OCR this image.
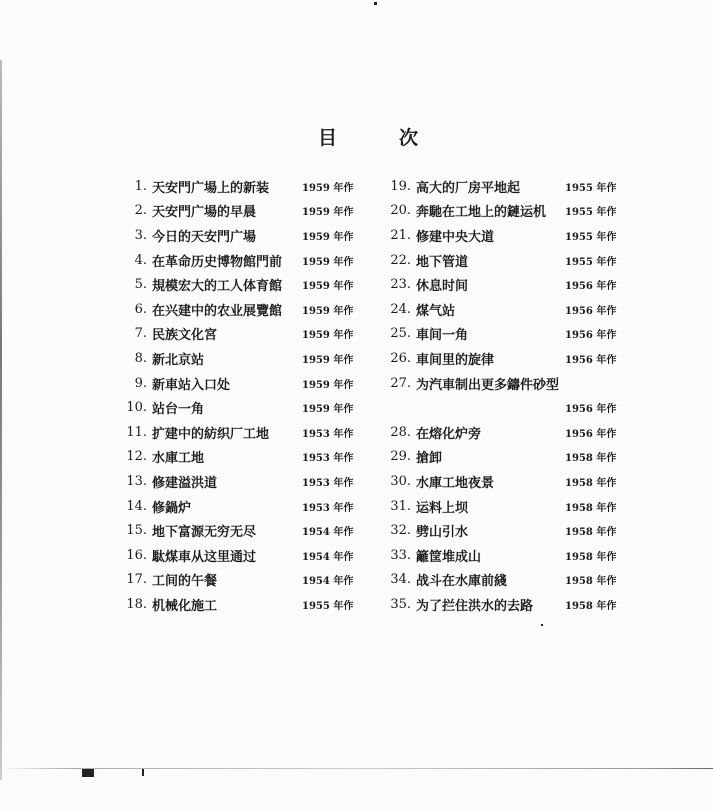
目	次
1. 天安門广場上的新装	1959 年作
2. 天安門广場的早晨	1959 年作
3. 今日的天安門广場	1959 年作
4. 在革命历史博物館門前 1959 年作
5. 規模宏大的工人体育館 1959 年作
6. 在兴建中的农业展覽館 1959 年作
7. 民族文化宮	1959 年作
8. 新北京站	1959 年作
9. 新車站入口处	1959 年作
10. 站台一角	1959 年作
11. 扩建中的紡织厂工地	1953 年作
12. 水庫工地	1953 年作
13. 修建溢洪道	1953 年作
14. 修鍋炉	1953 年作
15. 地下富源无穷无尽	1954 年作
16. 駄煤車从这里通过	1954 年作
17. 工间的午餐	1954 年作
18. 机械化施工	1955 年作
19. 高大的厂房平地起	1955 年作
20. 奔馳在工地上的鏈运机 1955 年作
21. 修建中央大道	1955 年作
22. 地下管道	1955 年作
23. 休息时间	1956 年作
24. 煤气站	1956 年作
25. 車间一角	1956 年作
26. 車间里的旋律	1956 年作
27. 为汽車制出更多鑄件砂型
1956 年作
28. 在熔化炉旁	1956 年作
29. 搶卸	1958 年作
30. 水庫工地夜景	1958 年作
31. 运料上坝	1958 年作
32. 劈山引水	1958 年作
33. 籬筐堆成山	1958 年作
34. 战斗在水庫前綫	1958 年作
35. 为了拦住洪水的去路	1958 年作
